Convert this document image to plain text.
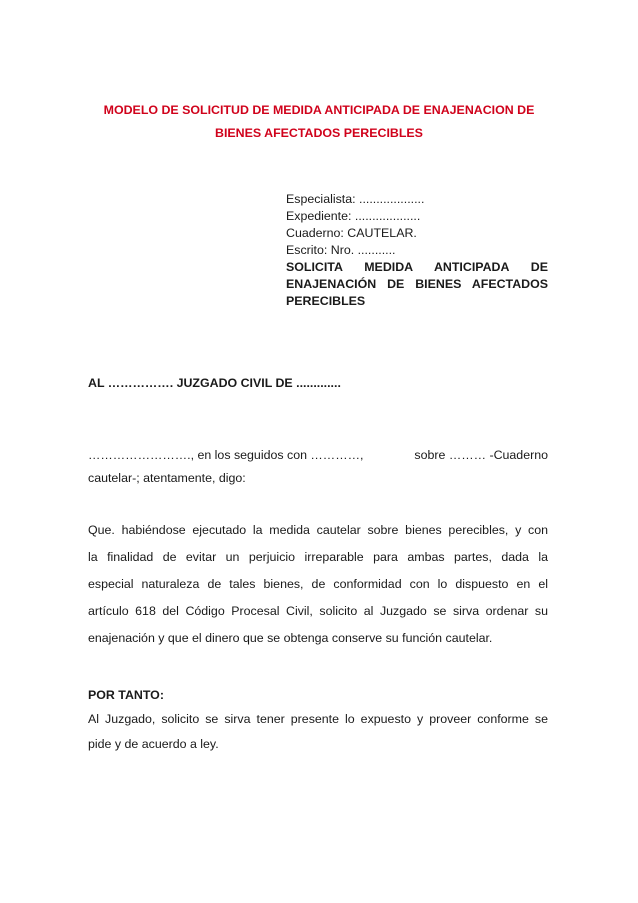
MODELO DE SOLICITUD DE MEDIDA ANTICIPADA DE ENAJENACION DE
BIENES AFECTADOS PERECIBLES
Especialista: ...................
Expediente: ...................
Cuaderno: CAUTELAR.
Escrito: Nro. ...........
SOLICITA MEDIDA ANTICIPADA DE
ENAJENACIÓN DE BIENES AFECTADOS
PERECIBLES
AL ……………. JUZGADO CIVIL DE .............
……………………., en los seguidos con …………,	sobre ……… -Cuaderno
cautelar-; atentamente, digo:
Que. habiéndose ejecutado la medida cautelar sobre bienes perecibles, y con
la finalidad de evitar un perjuicio irreparable para ambas partes, dada la
especial naturaleza de tales bienes, de conformidad con lo dispuesto en el
artículo 618 del Código Procesal Civil, solicito al Juzgado se sirva ordenar su
enajenación y que el dinero que se obtenga conserve su función cautelar.
POR TANTO:
Al Juzgado, solicito se sirva tener presente lo expuesto y proveer conforme se
pide y de acuerdo a ley.
